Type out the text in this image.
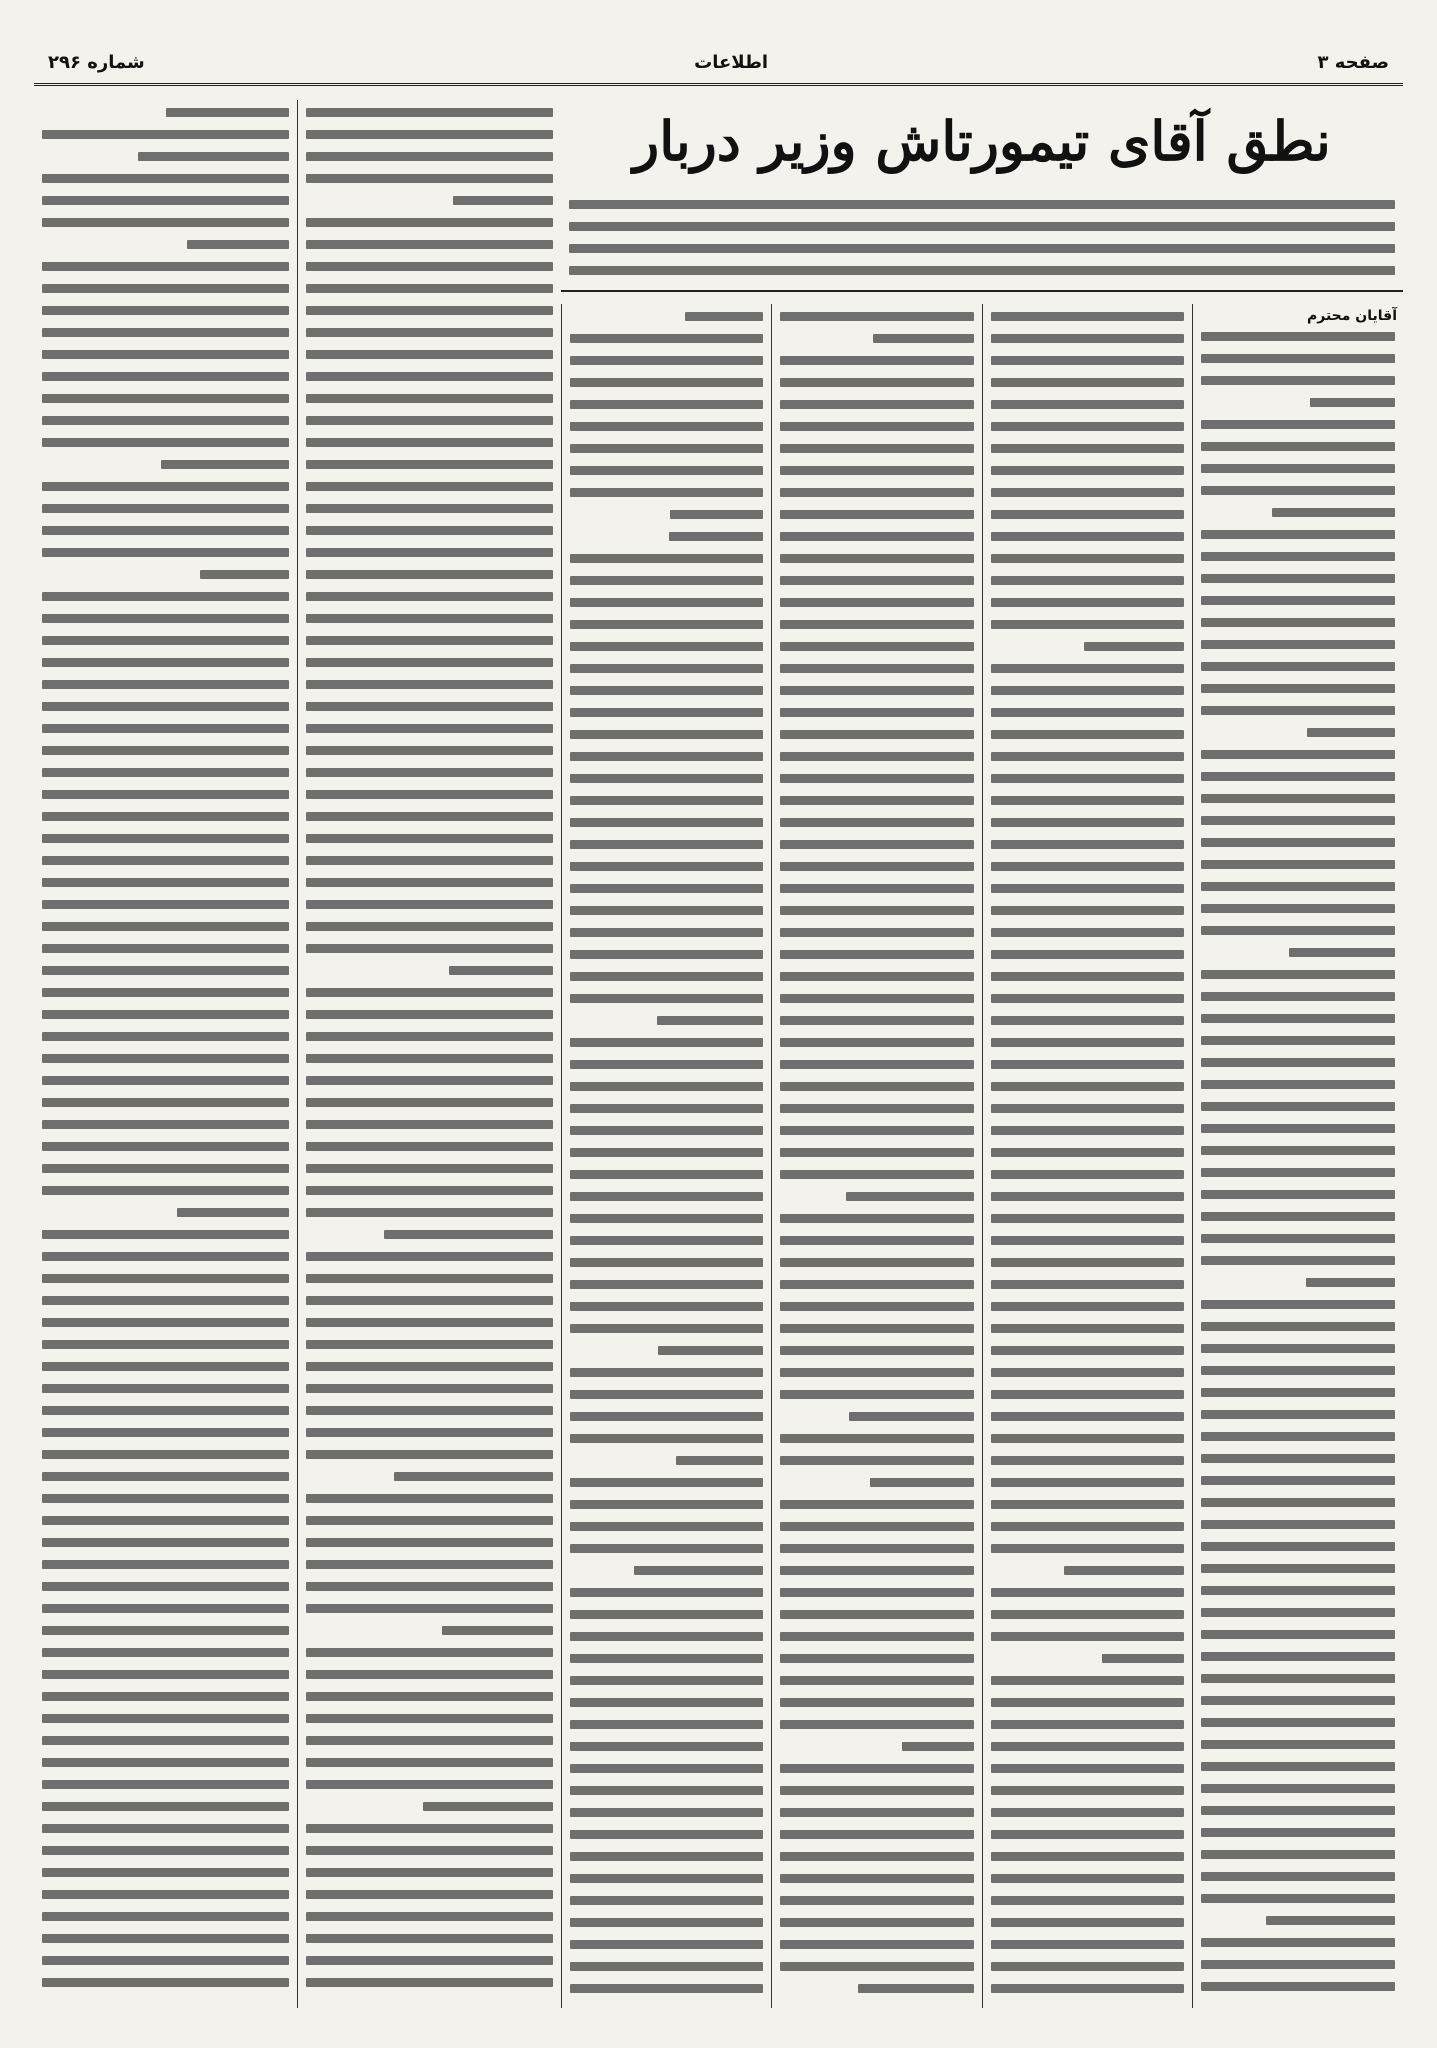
شماره ۲۹۶	اطلاعات	صفحه ۳
نطق آقای تیمورتاش وزیر دربار
آقایان محترم
